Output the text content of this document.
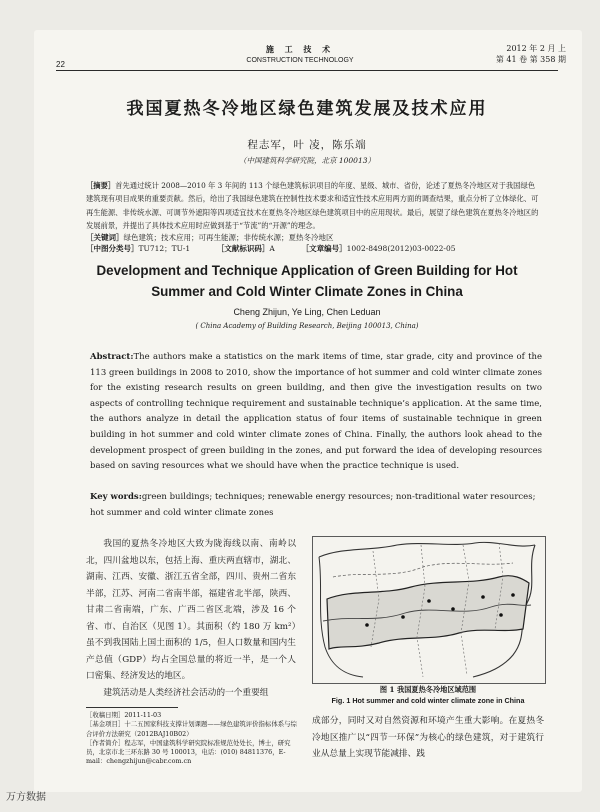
施 工 技 术
CONSTRUCTION TECHNOLOGY
22
2012 年 2 月 上
第 41 卷 第 358 期
我国夏热冬冷地区绿色建筑发展及技术应用
程志军，叶 凌，陈乐端
（中国建筑科学研究院，北京 100013）
［摘要］首先通过统计 2008—2010 年 3 年间的 113 个绿色建筑标识项目的年度、星级、城市、省份，论述了夏热冬冷地区对于我国绿色建筑现有项目成果的重要贡献。然后，给出了我国绿色建筑在控制性技术要求和适宜性技术应用两方面的调查结果，重点分析了立体绿化、可再生能源、非传统水源、可调节外遮阳等四项适宜技术在夏热冬冷地区绿色建筑项目中的应用现状。最后，展望了绿色建筑在夏热冬冷地区的发展前景，并提出了具体技术应用时应做到基于“节流”的“开源”的理念。
［关键词］绿色建筑；技术应用；可再生能源；非传统水源；夏热冬冷地区
［中图分类号］TU712；TU-1	［文献标识码］A	［文章编号］1002-8498(2012)03-0022-05
Development and Technique Application of Green Building for Hot
Summer and Cold Winter Climate Zones in China
Cheng Zhijun, Ye Ling, Chen Leduan
( China Academy of Building Research, Beijing 100013, China)
Abstract:The authors make a statistics on the mark items of time, star grade, city and province of the 113 green buildings in 2008 to 2010, show the importance of hot summer and cold winter climate zones for the existing research results on green building, and then give the investigation results on two aspects of controlling technique requirement and sustainable technique’s application. At the same time, the authors analyze in detail the application status of four items of sustainable technique in green building in hot summer and cold winter climate zones of China. Finally, the authors look ahead to the development prospect of green building in the zones, and put forward the idea of developing resources based on saving resources what we should have when the practice technique is used.
Key words:green buildings; techniques; renewable energy resources; non-traditional water resources; hot summer and cold winter climate zones

我国的夏热冬冷地区大致为陇海线以南、南岭以北，四川盆地以东，包括上海、重庆两直辖市，湖北、湖南、江西、安徽、浙江五省全部，四川、贵州二省东半部，江苏、河南二省南半部，福建省北半部，陕西、甘肃二省南端，广东、广西二省区北端，涉及 16 个省、市、自治区（见图 1）。其面积（约 180 万 km²）虽不到我国陆上国土面积的 1/5，但人口数量和国内生产总值（GDP）均占全国总量的将近一半，是一个人口密集、经济发达的地区。

建筑活动是人类经济社会活动的一个重要组	图 1 我国夏热冬冷地区域范围
Fig. 1 Hot summer and cold winter climate zone in China
成部分，同时又对自然资源和环境产生重大影响。在夏热冬冷地区推广以“四节一环保”为核心的绿色建筑，对于建筑行业从总量上实现节能减排、践
［收稿日期］2011-11-03
［基金项目］十二五国家科技支撑计划课题——绿色建筑评价指标体系与综合评价方法研究（2012BAJ10B02）
［作者简介］程志军，中国建筑科学研究院标准规范处处长，博士，研究员，北京市北三环东路 30 号 100013，电话：(010) 84811376，E-mail：chengzhijun@cabr.com.cn
万方数据
